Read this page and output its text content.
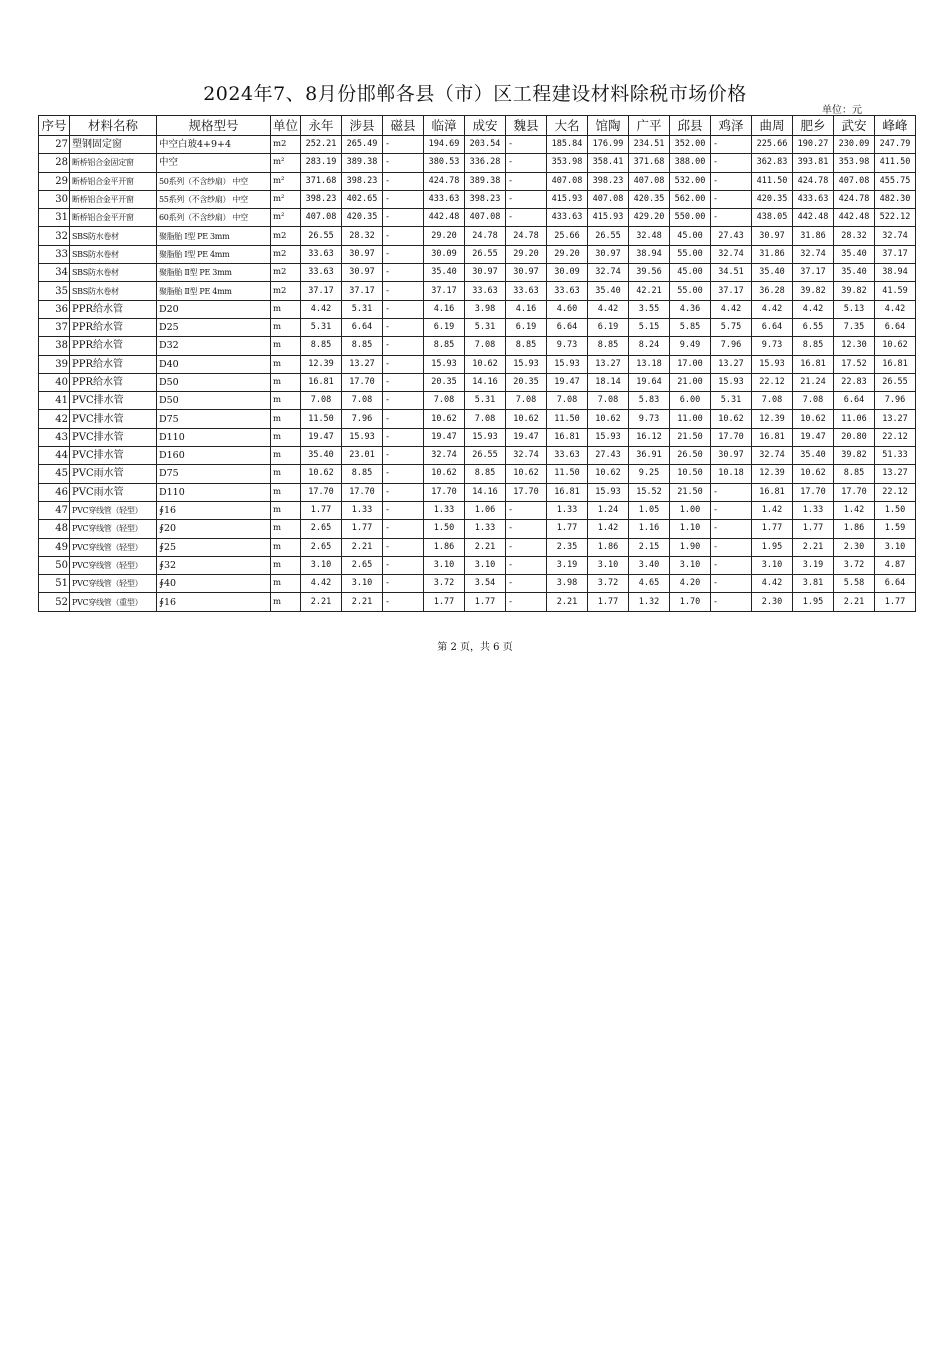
2024年7、8月份邯郸各县（市）区工程建设材料除税市场价格
单位：元
序号	材料名称	规格型号	单位	永年	涉县	磁县	临漳	成安	魏县	大名	馆陶	广平	邱县	鸡泽	曲周	肥乡	武安	峰峰
27	塑钢固定窗	中空白玻4+9+4	m2	252.21	265.49	-	194.69	203.54	-	185.84	176.99	234.51	352.00	-	225.66	190.27	230.09	247.79
28	断桥铝合金固定窗	中空	m²	283.19	389.38	-	380.53	336.28	-	353.98	358.41	371.68	388.00	-	362.83	393.81	353.98	411.50
29	断桥铝合金平开窗	50系列（不含纱扇） 中空	m²	371.68	398.23	-	424.78	389.38	-	407.08	398.23	407.08	532.00	-	411.50	424.78	407.08	455.75
30	断桥铝合金平开窗	55系列（不含纱扇） 中空	m²	398.23	402.65	-	433.63	398.23	-	415.93	407.08	420.35	562.00	-	420.35	433.63	424.78	482.30
31	断桥铝合金平开窗	60系列（不含纱扇） 中空	m²	407.08	420.35	-	442.48	407.08	-	433.63	415.93	429.20	550.00	-	438.05	442.48	442.48	522.12
32	SBS防水卷材	聚脂胎 Ⅰ型 PE 3mm	m2	26.55	28.32	-	29.20	24.78	24.78	25.66	26.55	32.48	45.00	27.43	30.97	31.86	28.32	32.74
33	SBS防水卷材	聚脂胎 Ⅰ型 PE 4mm	m2	33.63	30.97	-	30.09	26.55	29.20	29.20	30.97	38.94	55.00	32.74	31.86	32.74	35.40	37.17
34	SBS防水卷材	聚脂胎 Ⅱ型 PE 3mm	m2	33.63	30.97	-	35.40	30.97	30.97	30.09	32.74	39.56	45.00	34.51	35.40	37.17	35.40	38.94
35	SBS防水卷材	聚脂胎 Ⅱ型 PE 4mm	m2	37.17	37.17	-	37.17	33.63	33.63	33.63	35.40	42.21	55.00	37.17	36.28	39.82	39.82	41.59
36	PPR给水管	D20	m	4.42	5.31	-	4.16	3.98	4.16	4.60	4.42	3.55	4.36	4.42	4.42	4.42	5.13	4.42
37	PPR给水管	D25	m	5.31	6.64	-	6.19	5.31	6.19	6.64	6.19	5.15	5.85	5.75	6.64	6.55	7.35	6.64
38	PPR给水管	D32	m	8.85	8.85	-	8.85	7.08	8.85	9.73	8.85	8.24	9.49	7.96	9.73	8.85	12.30	10.62
39	PPR给水管	D40	m	12.39	13.27	-	15.93	10.62	15.93	15.93	13.27	13.18	17.00	13.27	15.93	16.81	17.52	16.81
40	PPR给水管	D50	m	16.81	17.70	-	20.35	14.16	20.35	19.47	18.14	19.64	21.00	15.93	22.12	21.24	22.83	26.55
41	PVC排水管	D50	m	7.08	7.08	-	7.08	5.31	7.08	7.08	7.08	5.83	6.00	5.31	7.08	7.08	6.64	7.96
42	PVC排水管	D75	m	11.50	7.96	-	10.62	7.08	10.62	11.50	10.62	9.73	11.00	10.62	12.39	10.62	11.06	13.27
43	PVC排水管	D110	m	19.47	15.93	-	19.47	15.93	19.47	16.81	15.93	16.12	21.50	17.70	16.81	19.47	20.80	22.12
44	PVC排水管	D160	m	35.40	23.01	-	32.74	26.55	32.74	33.63	27.43	36.91	26.50	30.97	32.74	35.40	39.82	51.33
45	PVC雨水管	D75	m	10.62	8.85	-	10.62	8.85	10.62	11.50	10.62	9.25	10.50	10.18	12.39	10.62	8.85	13.27
46	PVC雨水管	D110	m	17.70	17.70	-	17.70	14.16	17.70	16.81	15.93	15.52	21.50	-	16.81	17.70	17.70	22.12
47	PVC穿线管（轻型）	∮16	m	1.77	1.33	-	1.33	1.06	-	1.33	1.24	1.05	1.00	-	1.42	1.33	1.42	1.50
48	PVC穿线管（轻型）	∮20	m	2.65	1.77	-	1.50	1.33	-	1.77	1.42	1.16	1.10	-	1.77	1.77	1.86	1.59
49	PVC穿线管（轻型）	∮25	m	2.65	2.21	-	1.86	2.21	-	2.35	1.86	2.15	1.90	-	1.95	2.21	2.30	3.10
50	PVC穿线管（轻型）	∮32	m	3.10	2.65	-	3.10	3.10	-	3.19	3.10	3.40	3.10	-	3.10	3.19	3.72	4.87
51	PVC穿线管（轻型）	∮40	m	4.42	3.10	-	3.72	3.54	-	3.98	3.72	4.65	4.20	-	4.42	3.81	5.58	6.64
52	PVC穿线管（重型）	∮16	m	2.21	2.21	-	1.77	1.77	-	2.21	1.77	1.32	1.70	-	2.30	1.95	2.21	1.77
第 2 页，共 6 页
